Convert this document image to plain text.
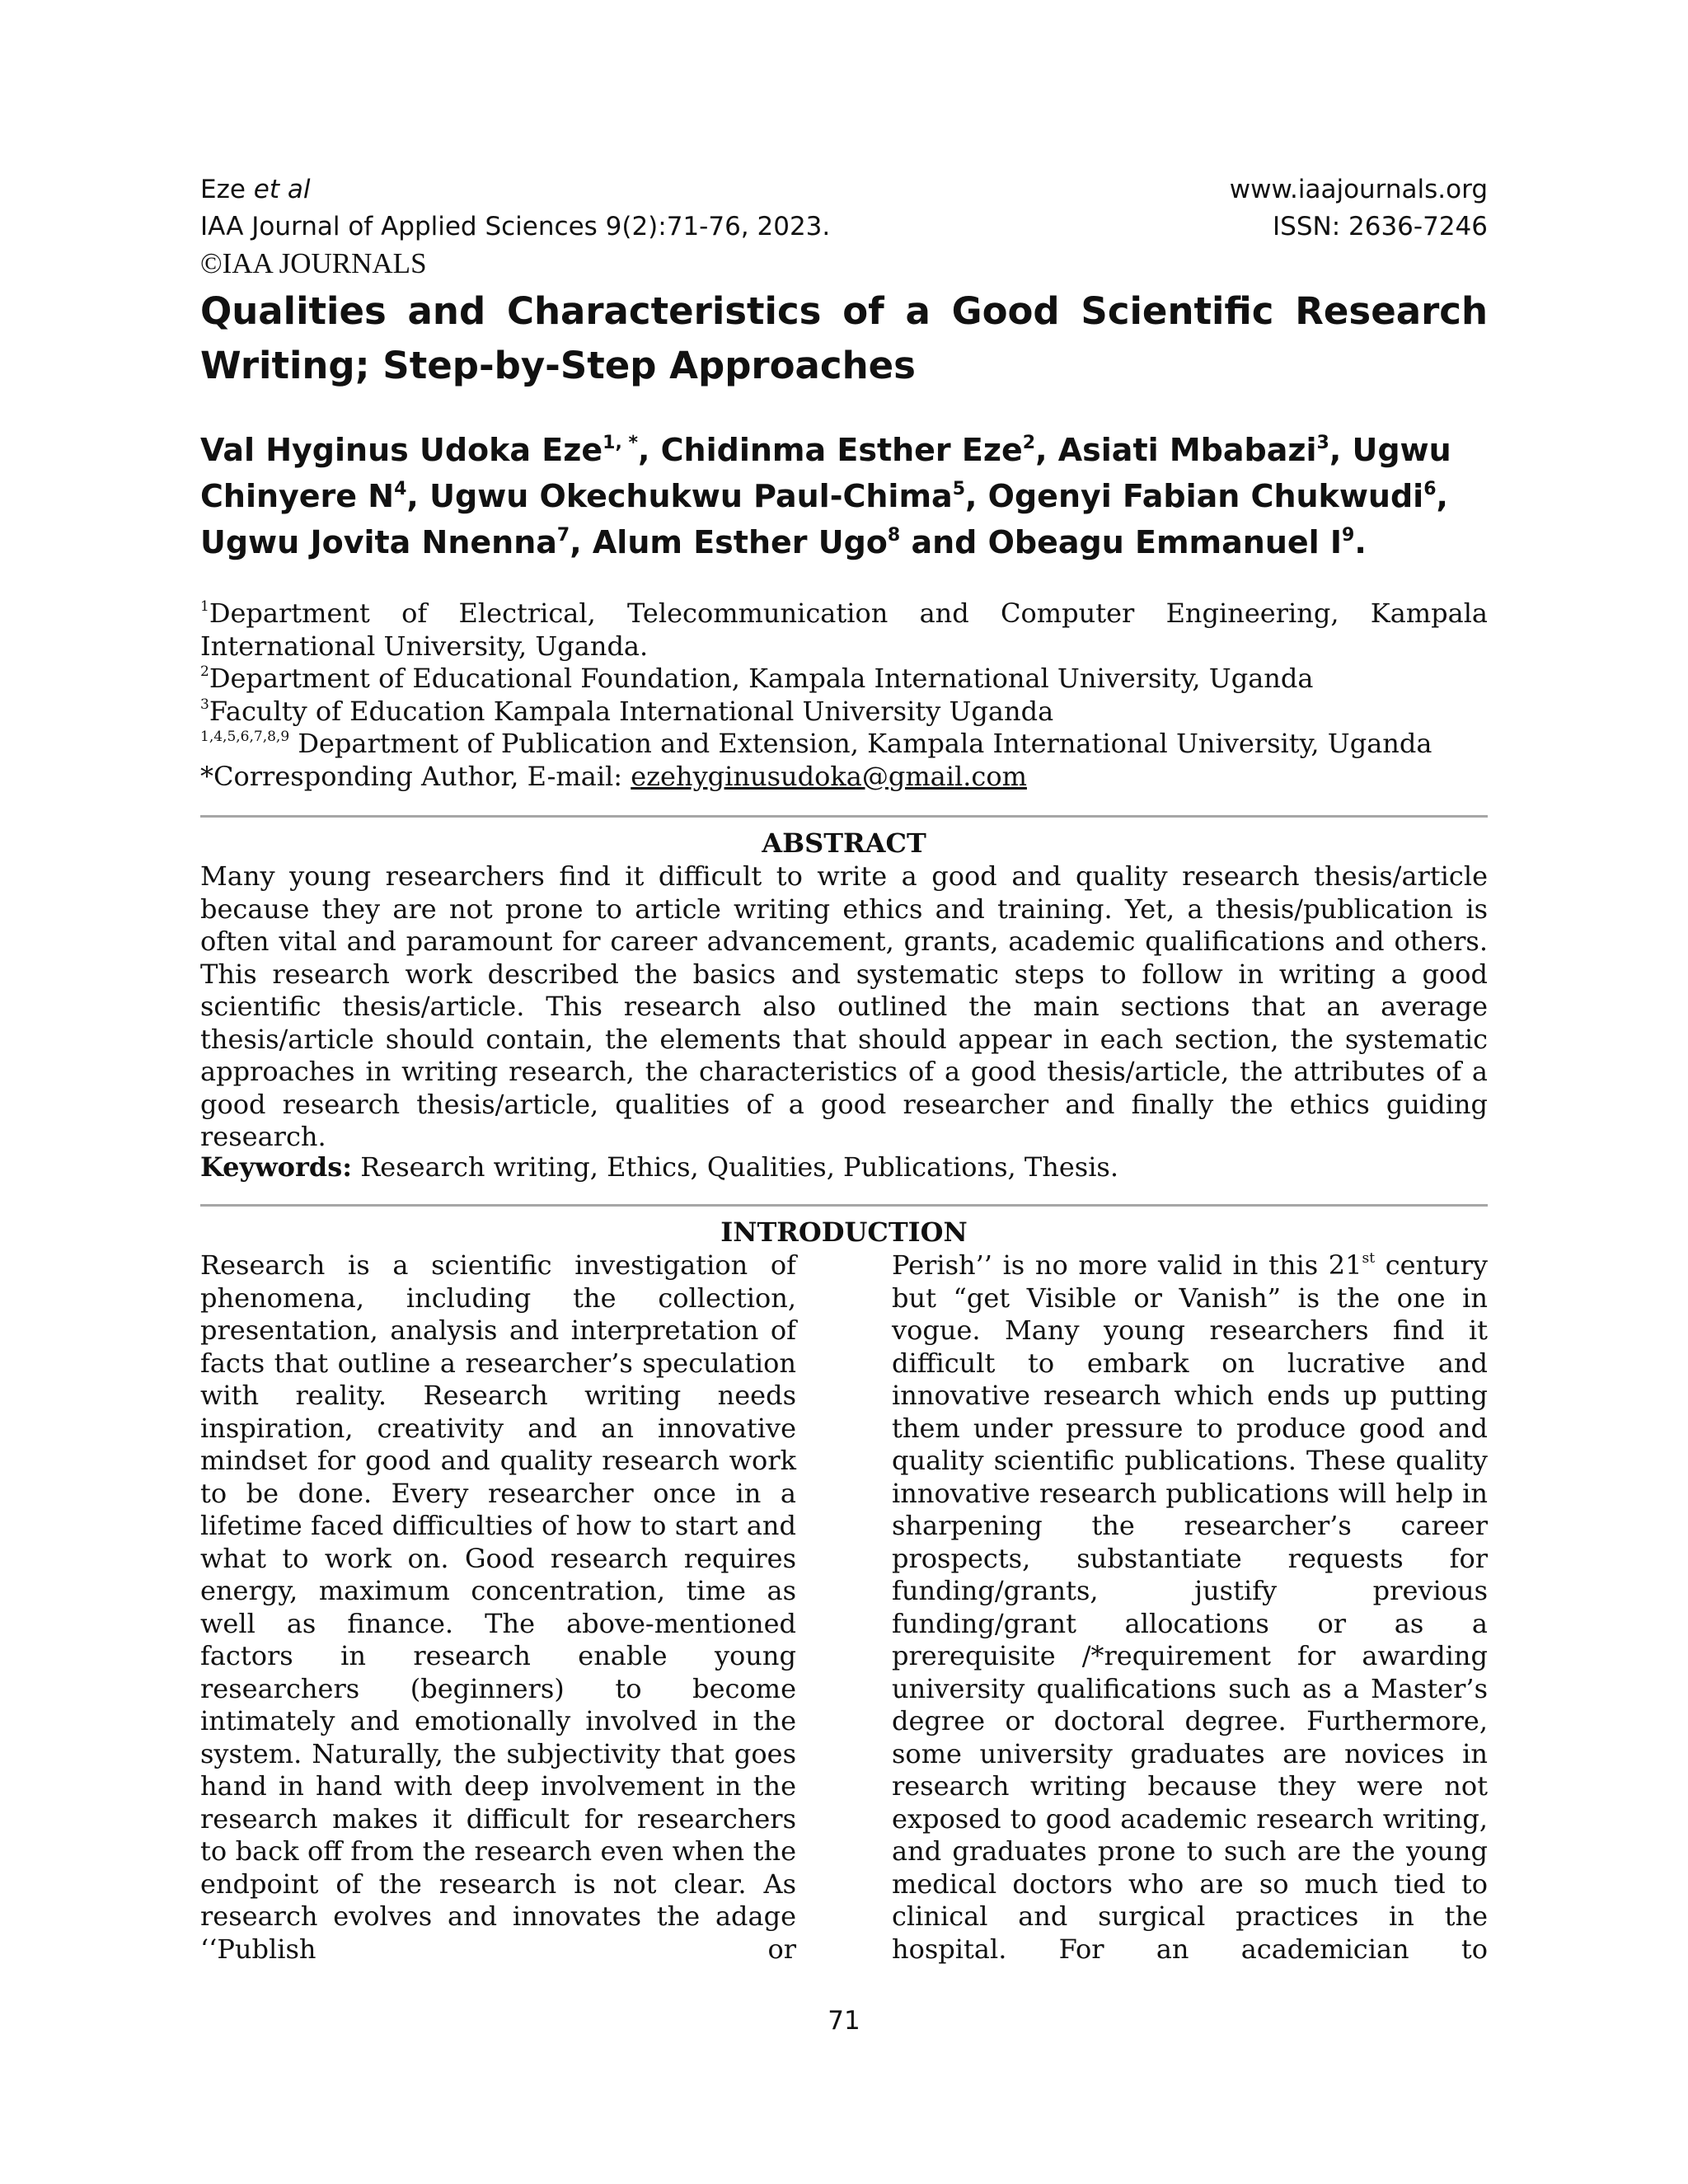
Eze et al	www.iaajournals.org
IAA Journal of Applied Sciences 9(2):71-76, 2023.	ISSN: 2636-7246
©IAA JOURNALS
Qualities and Characteristics of a Good Scientific Research Writing; Step-by-Step Approaches
Val Hyginus Udoka Eze$^{1, *}$, Chidinma Esther Eze$^2$, Asiati Mbabazi$^3$, Ugwu Chinyere $N^4$, Ugwu Okechukwu Paul-Chima$^5$, Ogenyi Fabian Chukwudi$^6$, Ugwu Jovita Nnenna$^7$, Alum Esther Ugo$^8$ and Obeagu Emmanuel $I^9$.

$^1$Department of Electrical, Telecommunication and Computer Engineering, Kampala International University, Uganda.

$^2$Department of Educational Foundation, Kampala International University, Uganda

$^3$Faculty of Education Kampala International University Uganda

$^{1,4,5,6,7,8,9}$ Department of Publication and Extension, Kampala International University, Uganda

*Corresponding Author, E-mail: ezehyginusudoka@gmail.com

ABSTRACT

Many young researchers find it difficult to write a good and quality research thesis/article because they are not prone to article writing ethics and training. Yet, a thesis/publication is often vital and paramount for career advancement, grants, academic qualifications and others. This research work described the basics and systematic steps to follow in writing a good scientific thesis/article. This research also outlined the main sections that an average thesis/article should contain, the elements that should appear in each section, the systematic approaches in writing research, the characteristics of a good thesis/article, the attributes of a good research thesis/article, qualities of a good researcher and finally the ethics guiding research.

Keywords: Research writing, Ethics, Qualities, Publications, Thesis.

INTRODUCTION

Research is a scientific investigation of phenomena, including the collection, presentation, analysis and interpretation of facts that outline a researcher’s speculation with reality. Research writing needs inspiration, creativity and an innovative mindset for good and quality research work to be done. Every researcher once in a lifetime faced difficulties of how to start and what to work on. Good research requires energy, maximum concentration, time as well as finance. The above-mentioned factors in research enable young researchers (beginners) to become intimately and emotionally involved in the system. Naturally, the subjectivity that goes hand in hand with deep involvement in the research makes it difficult for researchers to back off from the research even when the endpoint of the research is not clear. As research evolves and innovates the adage ‘‘Publish or

Perish’’ is no more valid in this 21st century but “get Visible or Vanish” is the one in vogue. Many young researchers find it difficult to embark on lucrative and innovative research which ends up putting them under pressure to produce good and quality scientific publications. These quality innovative research publications will help in sharpening the researcher’s career prospects, substantiate requests for funding/grants, justify previous funding/grant allocations or as a prerequisite /*requirement for awarding university qualifications such as a Master’s degree or doctoral degree. Furthermore, some university graduates are novices in research writing because they were not exposed to good academic research writing, and graduates prone to such are the young medical doctors who are so much tied to clinical and surgical practices in the hospital. For an academician to

71
